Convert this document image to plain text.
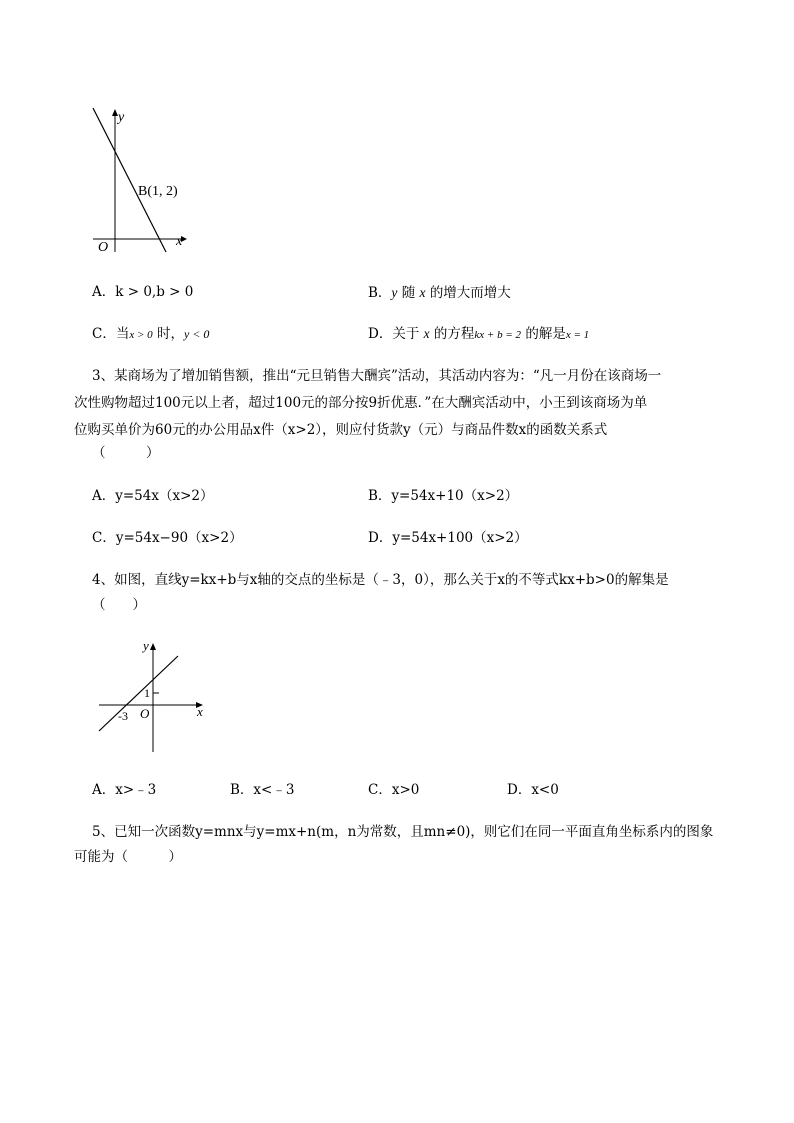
y
x
O
B(1, 2)
A．k > 0,b > 0	B．y 随 x 的增大而增大
C．当x > 0 时，y < 0	D．关于 x 的方程kx + b = 2 的解是x = 1
3、某商场为了增加销售额，推出“元旦销售大酬宾”活动，其活动内容为：“凡一月份在该商场一
次性购物超过100元以上者，超过100元的部分按9折优惠．”在大酬宾活动中，小王到该商场为单
位购买单价为60元的办公用品x件（x>2），则应付货款y（元）与商品件数x的函数关系式
（　　　）
A．y=54x（x>2）	B．y=54x+10（x>2）
C．y=54x−90（x>2）	D．y=54x+100（x>2）
4、如图，直线y=kx+b与x轴的交点的坐标是（﹣3，0），那么关于x的不等式kx+b>0的解集是
（　　）
y
x
1
O
-3
A．x>﹣3	B．x<﹣3	C．x>0	D．x<0
5、已知一次函数y=mnx与y=mx+n(m，n为常数，且mn≠0)，则它们在同一平面直角坐标系内的图象
可能为（　　　）
